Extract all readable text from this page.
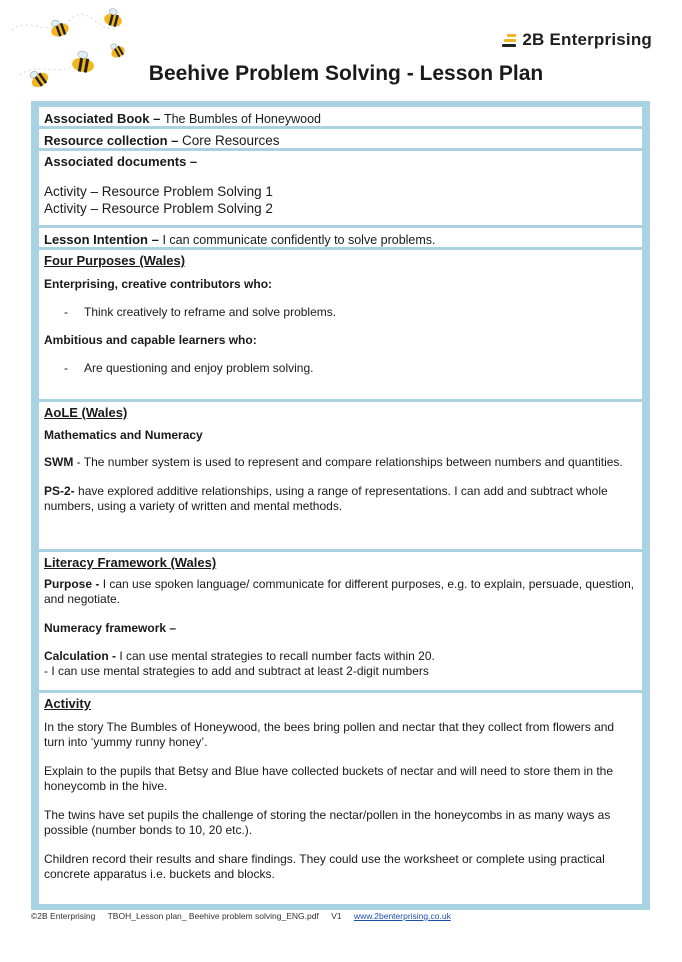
2B Enterprising
Beehive Problem Solving - Lesson Plan
Associated Book – The Bumbles of Honeywood
Resource collection – Core Resources
Associated documents –
Activity – Resource Problem Solving 1
Activity – Resource Problem Solving 2
Lesson Intention – I can communicate confidently to solve problems.
Four Purposes (Wales)
Enterprising, creative contributors who:
-	Think creatively to reframe and solve problems.
Ambitious and capable learners who:
-	Are questioning and enjoy problem solving.
AoLE (Wales)
Mathematics and Numeracy
SWM - The number system is used to represent and compare relationships between numbers and quantities.
PS-2- have explored additive relationships, using a range of representations. I can add and subtract whole numbers, using a variety of written and mental methods.
Literacy Framework (Wales)
Purpose - I can use spoken language/ communicate for different purposes, e.g. to explain, persuade, question, and negotiate.
Numeracy framework –
Calculation - I can use mental strategies to recall number facts within 20.
- I can use mental strategies to add and subtract at least 2-digit numbers
Activity
In the story The Bumbles of Honeywood, the bees bring pollen and nectar that they collect from flowers and turn into ‘yummy runny honey’.
Explain to the pupils that Betsy and Blue have collected buckets of nectar and will need to store them in the honeycomb in the hive.
The twins have set pupils the challenge of storing the nectar/pollen in the honeycombs in as many ways as possible (number bonds to 10, 20 etc.).
Children record their results and share findings. They could use the worksheet or complete using practical concrete apparatus i.e. buckets and blocks.
©2B Enterprising TBOH_Lesson plan_ Beehive problem solving_ENG.pdf V1 www.2benterprising.co.uk
